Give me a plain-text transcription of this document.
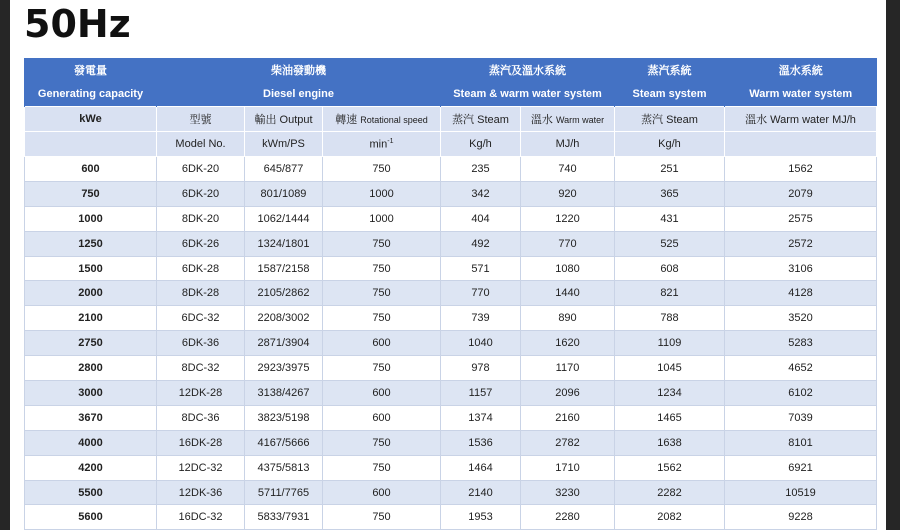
50Hz
發電量	柴油發動機			蒸汽及溫水系統		蒸汽系統	溫水系統
Generating capacity	Diesel engine			Steam & warm water system		Steam system	Warm water system
kWe	型號	輸出 Output	轉速 Rotational speed	蒸汽 Steam	溫水 Warm water	蒸汽 Steam	溫水 Warm water MJ/h
	Model No.	kWm/PS	$\min^{-1}$	Kg/h	MJ/h	Kg/h	
600	6DK-20	645/877	750	235	740	251	1562
750	6DK-20	801/1089	1000	342	920	365	2079
1000	8DK-20	1062/1444	1000	404	1220	431	2575
1250	6DK-26	1324/1801	750	492	770	525	2572
1500	6DK-28	1587/2158	750	571	1080	608	3106
2000	8DK-28	2105/2862	750	770	1440	821	4128
2100	6DC-32	2208/3002	750	739	890	788	3520
2750	6DK-36	2871/3904	600	1040	1620	1109	5283
2800	8DC-32	2923/3975	750	978	1170	1045	4652
3000	12DK-28	3138/4267	600	1157	2096	1234	6102
3670	8DC-36	3823/5198	600	1374	2160	1465	7039
4000	16DK-28	4167/5666	750	1536	2782	1638	8101
4200	12DC-32	4375/5813	750	1464	1710	1562	6921
5500	12DK-36	5711/7765	600	2140	3230	2282	10519
5600	16DC-32	5833/7931	750	1953	2280	2082	9228
